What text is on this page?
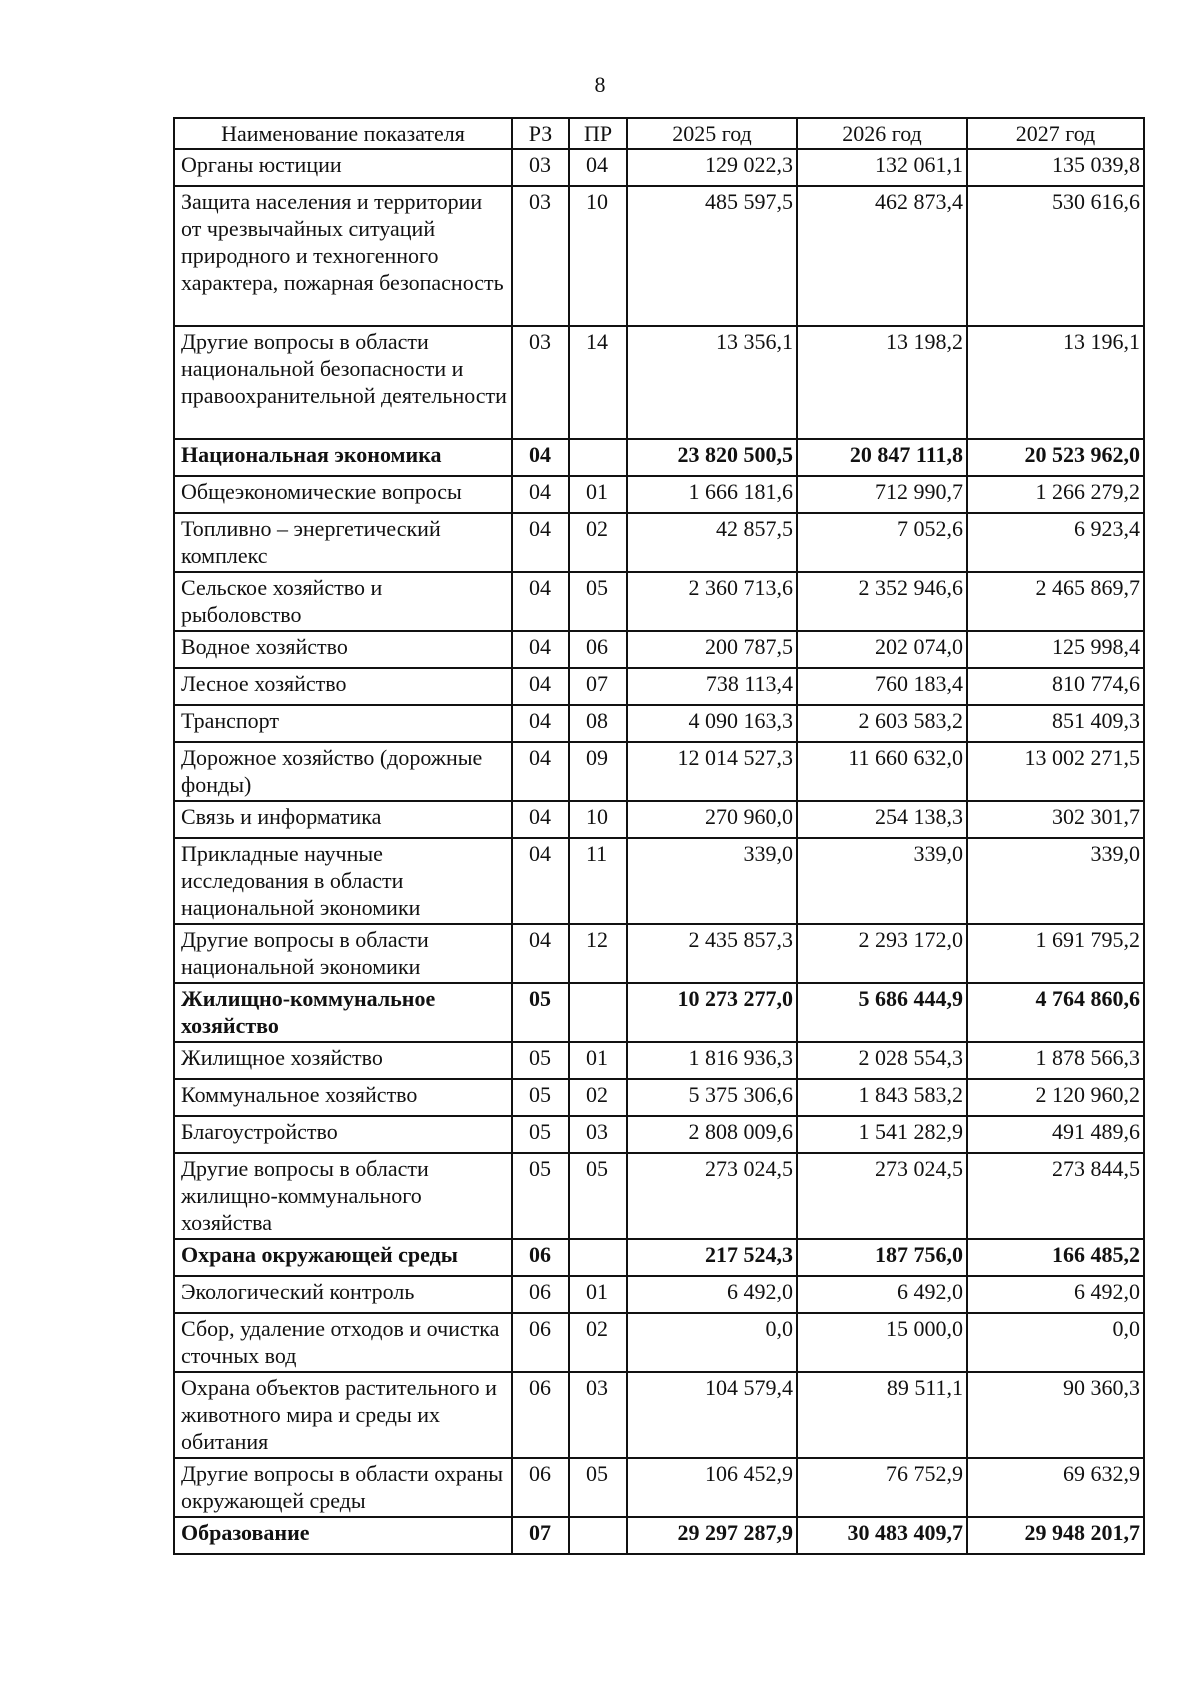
8
Наименование показателя	РЗ	ПР	2025 год	2026 год	2027 год
Органы юстиции	03	04	129 022,3	132 061,1	135 039,8
Защита населения и территории от чрезвычайных ситуаций природного и техногенного характера, пожарная безопасность	03	10	485 597,5	462 873,4	530 616,6
Другие вопросы в области национальной безопасности и правоохранительной деятельности	03	14	13 356,1	13 198,2	13 196,1
Национальная экономика	04		23 820 500,5	20 847 111,8	20 523 962,0
Общеэкономические вопросы	04	01	1 666 181,6	712 990,7	1 266 279,2
Топливно – энергетический комплекс	04	02	42 857,5	7 052,6	6 923,4
Сельское хозяйство и рыболовство	04	05	2 360 713,6	2 352 946,6	2 465 869,7
Водное хозяйство	04	06	200 787,5	202 074,0	125 998,4
Лесное хозяйство	04	07	738 113,4	760 183,4	810 774,6
Транспорт	04	08	4 090 163,3	2 603 583,2	851 409,3
Дорожное хозяйство (дорожные фонды)	04	09	12 014 527,3	11 660 632,0	13 002 271,5
Связь и информатика	04	10	270 960,0	254 138,3	302 301,7
Прикладные научные исследования в области национальной экономики	04	11	339,0	339,0	339,0
Другие вопросы в области национальной экономики	04	12	2 435 857,3	2 293 172,0	1 691 795,2
Жилищно-коммунальное хозяйство	05		10 273 277,0	5 686 444,9	4 764 860,6
Жилищное хозяйство	05	01	1 816 936,3	2 028 554,3	1 878 566,3
Коммунальное хозяйство	05	02	5 375 306,6	1 843 583,2	2 120 960,2
Благоустройство	05	03	2 808 009,6	1 541 282,9	491 489,6
Другие вопросы в области жилищно-коммунального хозяйства	05	05	273 024,5	273 024,5	273 844,5
Охрана окружающей среды	06		217 524,3	187 756,0	166 485,2
Экологический контроль	06	01	6 492,0	6 492,0	6 492,0
Сбор, удаление отходов и очистка сточных вод	06	02	0,0	15 000,0	0,0
Охрана объектов растительного и животного мира и среды их обитания	06	03	104 579,4	89 511,1	90 360,3
Другие вопросы в области охраны окружающей среды	06	05	106 452,9	76 752,9	69 632,9
Образование	07		29 297 287,9	30 483 409,7	29 948 201,7
